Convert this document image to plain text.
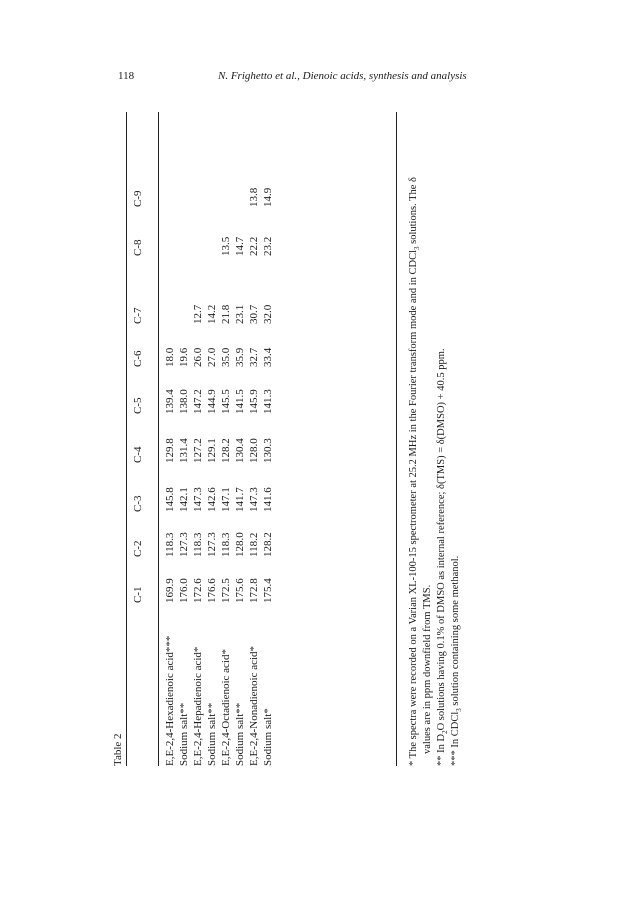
118	N. Frighetto et al., Dienoic acids, synthesis and analysis
Table 2
C-1
C-2
C-3
C-4
C-5
C-6
C-7
C-8
C-9
E,E-2,4-Hexadienoic acid***
169.9
118.3
145.8
129.8
139.4
18.0
Sodium salt**
176.0
127.3
142.1
131.4
138.0
19.6
E,E-2,4-Hepadienoic acid*
172.6
118.3
147.3
127.2
147.2
26.0
12.7
Sodium salt**
176.6
127.3
142.6
129.1
144.9
27.0
14.2
E,E-2,4-Octadienoic acid*
172.5
118.3
147.1
128.2
145.5
35.0
21.8
13.5
Sodium salt**
175.6
128.0
141.7
130.4
141.5
35.9
23.1
14.7
E,E-2,4-Nonadienoic acid*
172.8
118.2
147.3
128.0
145.9
32.7
30.7
22.2
13.8
Sodium salt*
175.4
128.2
141.6
130.3
141.3
33.4
32.0
23.2
14.9
* The spectra were recorded on a Varian XL-100-15 spectrometer at 25.2 MHz in the Fourier transform mode and in CDCl$_3$ solutions. The δ
values are in ppm downfield from TMS. ** In $D_2O$ solutions having 0.1% of DMSO as internal reference; δ(TMS) = δ(DMSO) + 40.5 ppm.
*** In CDCl$_3$ solution containing some methanol.
